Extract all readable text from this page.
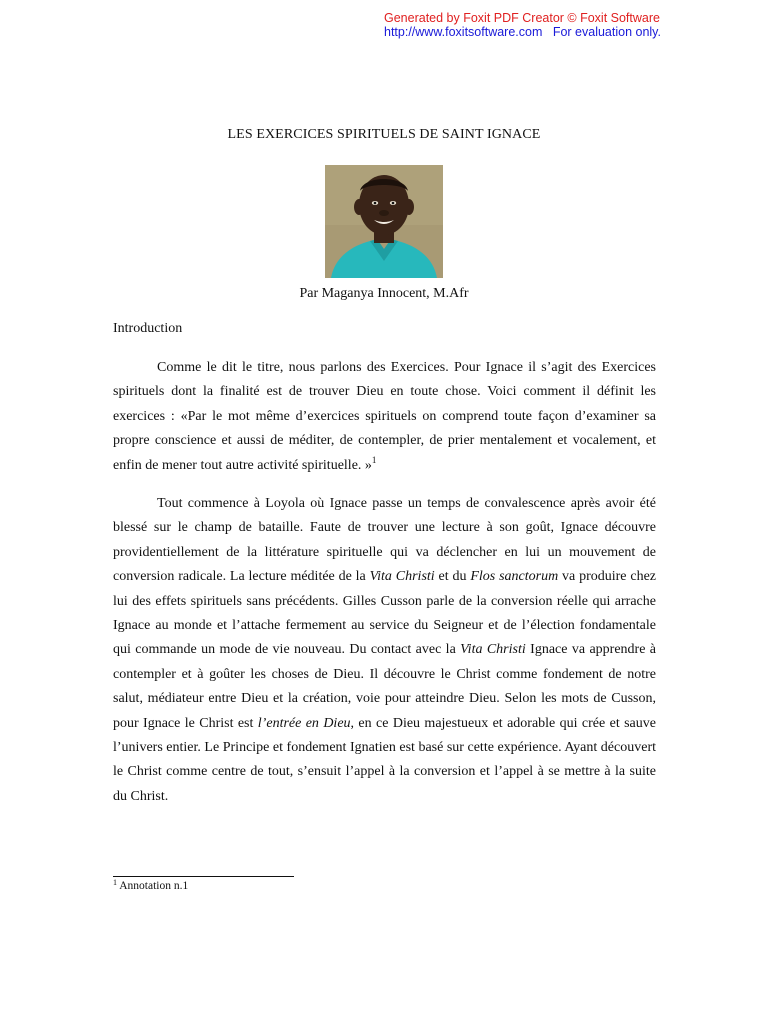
Generated by Foxit PDF Creator © Foxit Software
http://www.foxitsoftware.com For evaluation only.
LES EXERCICES SPIRITUELS DE SAINT IGNACE
Par Maganya Innocent, M.Afr
Introduction

Comme le dit le titre, nous parlons des Exercices. Pour Ignace il s’agit des Exercices spirituels dont la finalité est de trouver Dieu en toute chose. Voici comment il définit les exercices : «Par le mot même d’exercices spirituels on comprend toute façon d’examiner sa propre conscience et aussi de méditer, de contempler, de prier mentalement et vocalement, et enfin de mener tout autre activité spirituelle. »$^1$

Tout commence à Loyola où Ignace passe un temps de convalescence après avoir été blessé sur le champ de bataille. Faute de trouver une lecture à son goût, Ignace découvre providentiellement de la littérature spirituelle qui va déclencher en lui un mouvement de conversion radicale. La lecture méditée de la Vita Christi et du Flos sanctorum va produire chez lui des effets spirituels sans précédents. Gilles Cusson parle de la conversion réelle qui arrache Ignace au monde et l’attache fermement au service du Seigneur et de l’élection fondamentale qui commande un mode de vie nouveau. Du contact avec la Vita Christi Ignace va apprendre à contempler et à goûter les choses de Dieu. Il découvre le Christ comme fondement de notre salut, médiateur entre Dieu et la création, voie pour atteindre Dieu. Selon les mots de Cusson, pour Ignace le Christ est l’entrée en Dieu, en ce Dieu majestueux et adorable qui crée et sauve l’univers entier. Le Principe et fondement Ignatien est basé sur cette expérience. Ayant découvert le Christ comme centre de tout, s’ensuit l’appel à la conversion et l’appel à se mettre à la suite du Christ.

$^1$ Annotation n.1
